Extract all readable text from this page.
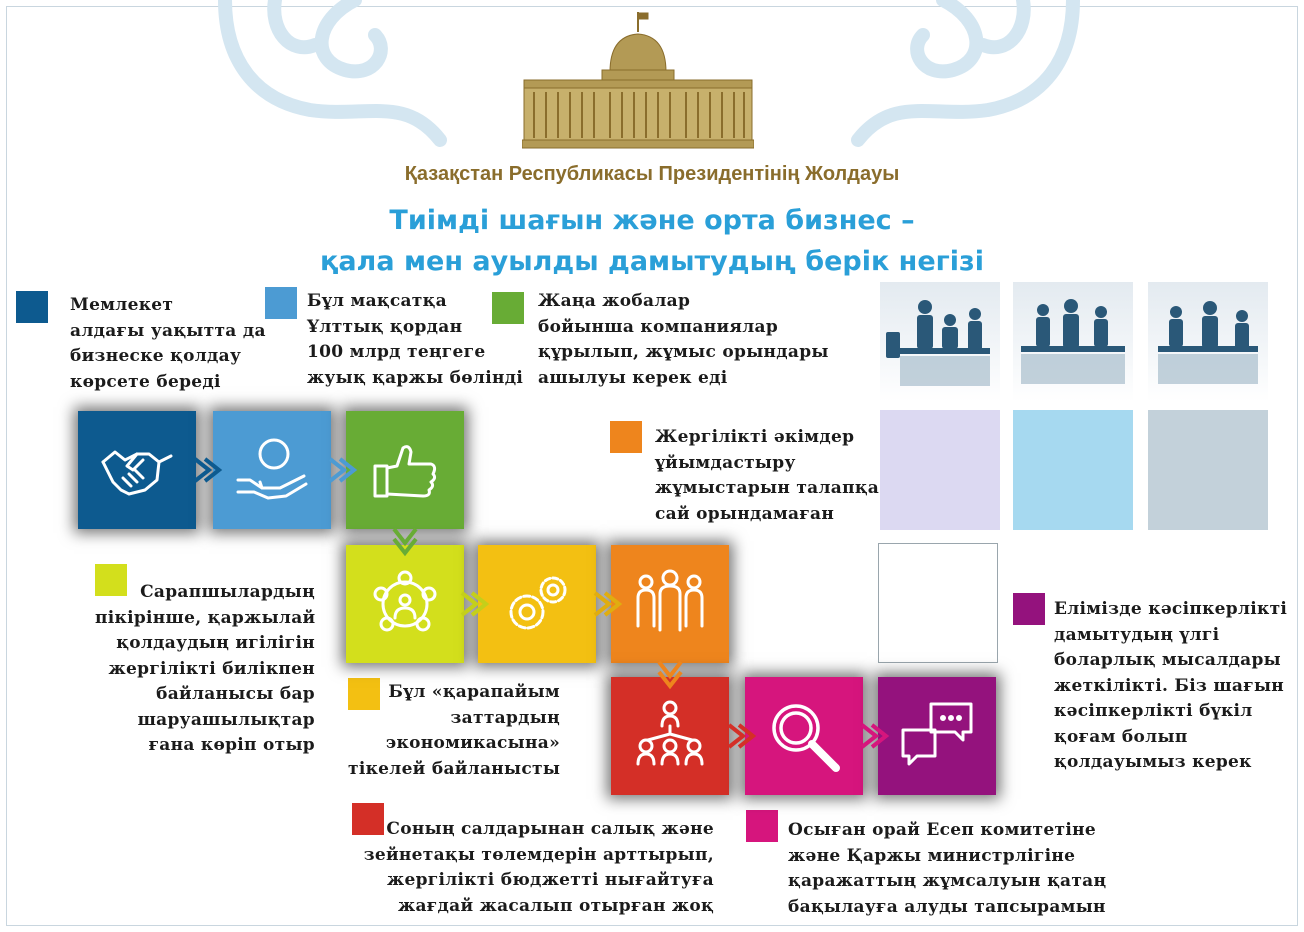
Қазақстан Республикасы Президентінің Жолдауы
Тиімді шағын және орта бизнес –
қала мен ауылды дамытудың берік негізі
Мемлекет
алдағы уақытта да
бизнеске қолдау
көрсете береді
Бұл мақсатқа
Ұлттық қордан
100 млрд теңгеге
жуық қаржы бөлінді
Жаңа жобалар
бойынша компаниялар
құрылып, жұмыс орындары
ашылуы керек еді
Жергілікті әкімдер
ұйымдастыру
жұмыстарын талапқа
сай орындамаған
Сарапшылардың
пікірінше, қаржылай
қолдаудың игілігін
жергілікті билікпен
байланысы бар
шаруашылықтар
ғана көріп отыр
Бұл «қарапайым
заттардың
экономикасына»
тікелей байланысты
Соның салдарынан салық және
зейнетақы төлемдерін арттырып,
жергілікті бюджетті нығайтуға
жағдай жасалып отырған жоқ
Осыған орай Есеп комитетіне
және Қаржы министрлігіне
қаражаттың жұмсалуын қатаң
бақылауға алуды тапсырамын
Елімізде кәсіпкерлікті
дамытудың үлгі
боларлық мысалдары
жеткілікті. Біз шағын
кәсіпкерлікті бүкіл
қоғам болып
қолдауымыз керек
